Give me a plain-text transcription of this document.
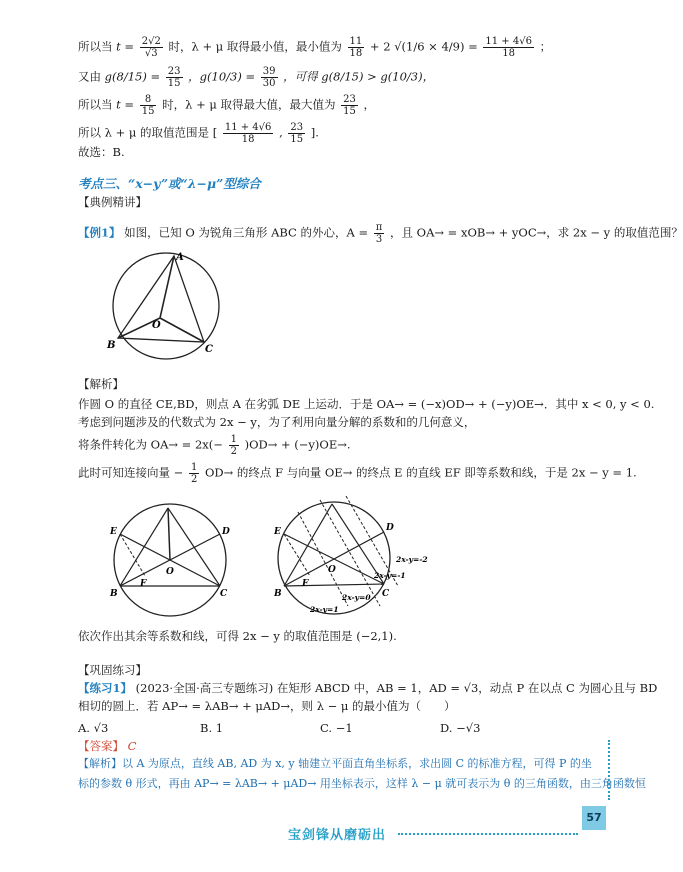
所以当 $t = \frac{2√2}{√3}$ 时，λ + μ 取得最小值，最小值为 $\frac{11}{18} + 2$ $√(1/6 \times 4/9) = \frac{11 + 4√6}{18}$ ；
又由 $g(8/15) = \frac{23}{15}$ ，$g(10/3) = \frac{39}{30}$ ，可得 g(8/15) > g(10/3)，
所以当 $t = \frac{8}{15}$ 时，λ + μ 取得最大值，最大值为 $\frac{23}{15}$ ，
所以 λ + μ 的取值范围是 [ $\frac{11 + 4√6}{18}$ , $\frac{23}{15}$ ].
故选：B.
考点三、“x−y”或“λ−μ”型综合
【典例精讲】
【例1】 如图，已知 O 为锐角三角形 ABC 的外心，$A = \frac{\pi}{3}$ ，且 OA→ = xOB→ + yOC→，求 2x − y 的取值范围？
A
O
B	C
【解析】
作圆 O 的直径 CE,BD，则点 A 在劣弧 DE 上运动．于是 OA→ = (−x)OD→ + (−y)OE→．其中 x < 0, y < 0.
考虑到问题涉及的代数式为 2x − y，为了利用向量分解的系数和的几何意义，
将条件转化为 $OA\to = 2x(- \frac{1}{2} )OD\to + (-y)OE\to$.
此时可知连接向量 − $\frac{1}{2} OD\to$ 的终点 F 与向量 OE→ 的终点 E 的直线 EF 即等系数和线，于是 2x − y = 1.
E	D
O
F
B	C
E	D
O
F
B	C
2x-y=-2
2x-y=-1
2x-y=0
2x-y=1
依次作出其余等系数和线，可得 2x − y 的取值范围是 (−2,1).
【巩固练习】
【练习1】 (2023·全国·高三专题练习) 在矩形 ABCD 中，AB = 1，AD = √3，动点 P 在以点 C 为圆心且与 BD
相切的圆上．若 AP→ = λAB→ + μAD→，则 λ − μ 的最小值为（　　）
A. √3	B. 1	C. −1	D. −√3
【答案】 C
【解析】以 A 为原点，直线 AB, AD 为 x, y 轴建立平面直角坐标系，求出圆 C 的标准方程，可得 P 的坐
标的参数 θ 形式，再由 AP→ = λAB→ + μAD→ 用坐标表示，这样 λ − μ 就可表示为 θ 的三角函数，由三角函数恒
57
宝剑锋从磨砺出
